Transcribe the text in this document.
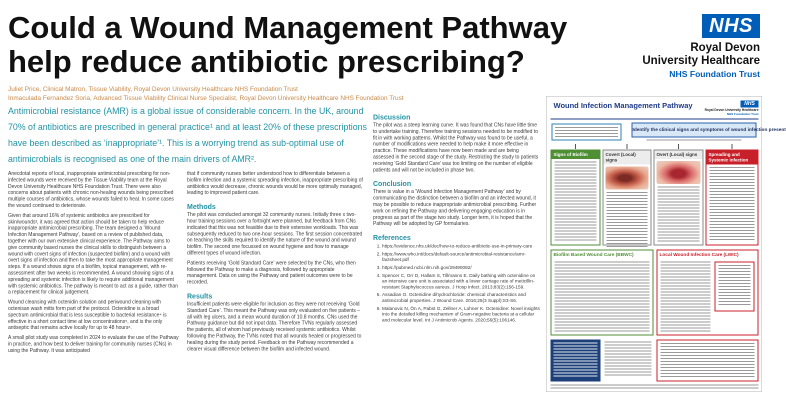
Could a Wound Management Pathway
help reduce antibiotic prescribing?
NHS
Royal Devon
University Healthcare
NHS Foundation Trust
Juliet Price, Clinical Matron, Tissue Viability, Royal Devon University Healthcare NHS Foundation Trust
Inmaculada Fernandez Soria, Advanced Tissue Viability Clinical Nurse Specialist, Royal Devon University Healthcare NHS Foundation Trust

Antimicrobial resistance (AMR) is a global issue of considerable concern. In the UK, around 70% of antibiotics are prescribed in general practice¹ and at least 20% of these prescriptions have been described as ‘inappropriate’¹. This is a worrying trend as sub-optimal use of antimicrobials is recognised as one of the main drivers of AMR².

Anecdotal reports of local, inappropriate antimicrobial prescribing for non-infected wounds were received by the Tissue Viability team at the Royal Devon University Healthcare NHS Foundation Trust. There were also concerns about patients with chronic non-healing wounds being prescribed multiple courses of antibiotics, whose wounds failed to heal. In some cases the wound continued to deteriorate.

Given that around 16% of systemic antibiotics are prescribed for skin/wounds³, it was agreed that action should be taken to help reduce inappropriate antimicrobial prescribing. The team designed a ‘Wound Infection Management Pathway’, based on a review of published data, together with our own extensive clinical experience. The Pathway aims to give community based nurses the clinical skills to distinguish between a wound with covert signs of infection (suspected biofilm) and a wound with overt signs of infection and then to take the most appropriate management steps. If a wound shows signs of a biofilm, topical management, with re-assessment after two weeks is recommended. A wound showing signs of a spreading and systemic infection is likely to require additional management with systemic antibiotics. The pathway is meant to act as a guide, rather than a replacement for clinical judgement.

Wound cleansing with octenidin solution and periwound cleaning with octenisan wash mitts form part of the protocol. Octenidine is a broad spectrum antimicrobial that is less susceptible to bacterial resistance⁴ is effective in a short contact time at low concentrations⁵, and is the only antiseptic that remains active locally for up to 48 hours⁶.

A small pilot study was completed in 2024 to evaluate the use of the Pathway in practice, and how best to deliver training for community nurses (CNs) in using the Pathway. It was anticipated

that if community nurses better understood how to differentiate between a biofilm infection and a systemic spreading infection, inappropriate prescribing of antibiotics would decrease, chronic wounds would be more optimally managed, leading to improved patient care.

Methods

The pilot was conducted amongst 32 community nurses. Initially three x two-hour training sessions over a fortnight were planned, but feedback from CNs indicated that this was not feasible due to their extensive workloads. This was subsequently reduced to two one-hour sessions. The first session concentrated on teaching the skills required to identify the nature of the wound and wound biofilm. The second one focussed on wound hygiene and how to manage different types of wound infection.

Patients receiving ‘Gold Standard Care’ were selected by the CNs, who then followed the Pathway to make a diagnosis, followed by appropriate management. Data on using the Pathway and patient outcomes were to be recorded.

Results

Insufficient patients were eligible for inclusion as they were not receiving ‘Gold Standard Care’. This meant the Pathway was only evaluated on five patients – all with leg ulcers, and a mean wound duration of 10.8 months. CNs used the Pathway guidance but did not input data. Therefore TVNs regularly assessed the patients, all of whom had previously received systemic antibiotics. Whilst following the Pathway, the TVNs noted that all wounds healed or progressed to healing during the study period. Feedback on the Pathway recommended a clearer visual difference between the biofilm and infected wound.

Discussion

The pilot was a steep learning curve. It was found that CNs have little time to undertake training. Therefore training sessions needed to be modified to fit in with working patterns. Whilst the Pathway was found to be useful, a number of modifications were needed to help make it more effective in practice. These modifications have now been made and are being assessed in the second stage of the study. Restricting the study to patients receiving ‘Gold Standard Care’ was too limiting on the number of eligible patients and will not be included in phase two.

Conclusion

There is value in a ‘Wound Infection Management Pathway’ and by communicating the distinction between a biofilm and an infected wound, it may be possible to reduce inappropriate antimicrobial prescribing. Further work on refining the Pathway and delivering engaging education is in progress as part of the stage two study. Longer term, it is hoped that the Pathway will be adopted by GP formularies.

References
1. https://evidence.nhs.uk/doc/how-to-reduce-antibiotic-use-in-primary-care
2. https://www.who.int/docs/default-source/antimicrobial-resistance/amr-factsheet.pdf
3. https://pubmed.ncbi.nlm.nih.gov/29490082/
4. Spencer C, Orr D, Hallam S, Tillmanns E. Daily bathing with octenidine on an intensive care unit is associated with a lower carriage rate of meticillin-resistant Staphylococcus aureus. J Hosp Infect. 2013;83(2):156-159.
5. Assadian O. Octenidine dihydrochloride: chemical characteristics and antimicrobial properties. J Wound Care. 2016;25(3 Suppl):S3-S6.
6. Malanovic N, Ön A, Pabst G, Zellner A, Lohner K. Octenidine: Novel insights into the detailed killing mechanism of Gram-negative bacteria at a cellular and molecular level. Int J Antimicrob Agents. 2020;56(5):106146.
Wound Infection Management Pathway	NHS
Royal Devon University Healthcare
NHS Foundation Trust
Identify the clinical signs and symptoms of wound infection present
Signs of Biofilm	Covert (Local) signs
Overt (Local) signs	Spreading and Systemic Infection
Biofilm Based Wound Care (BBWC)	Local Wound Infection Care (LWIC)
